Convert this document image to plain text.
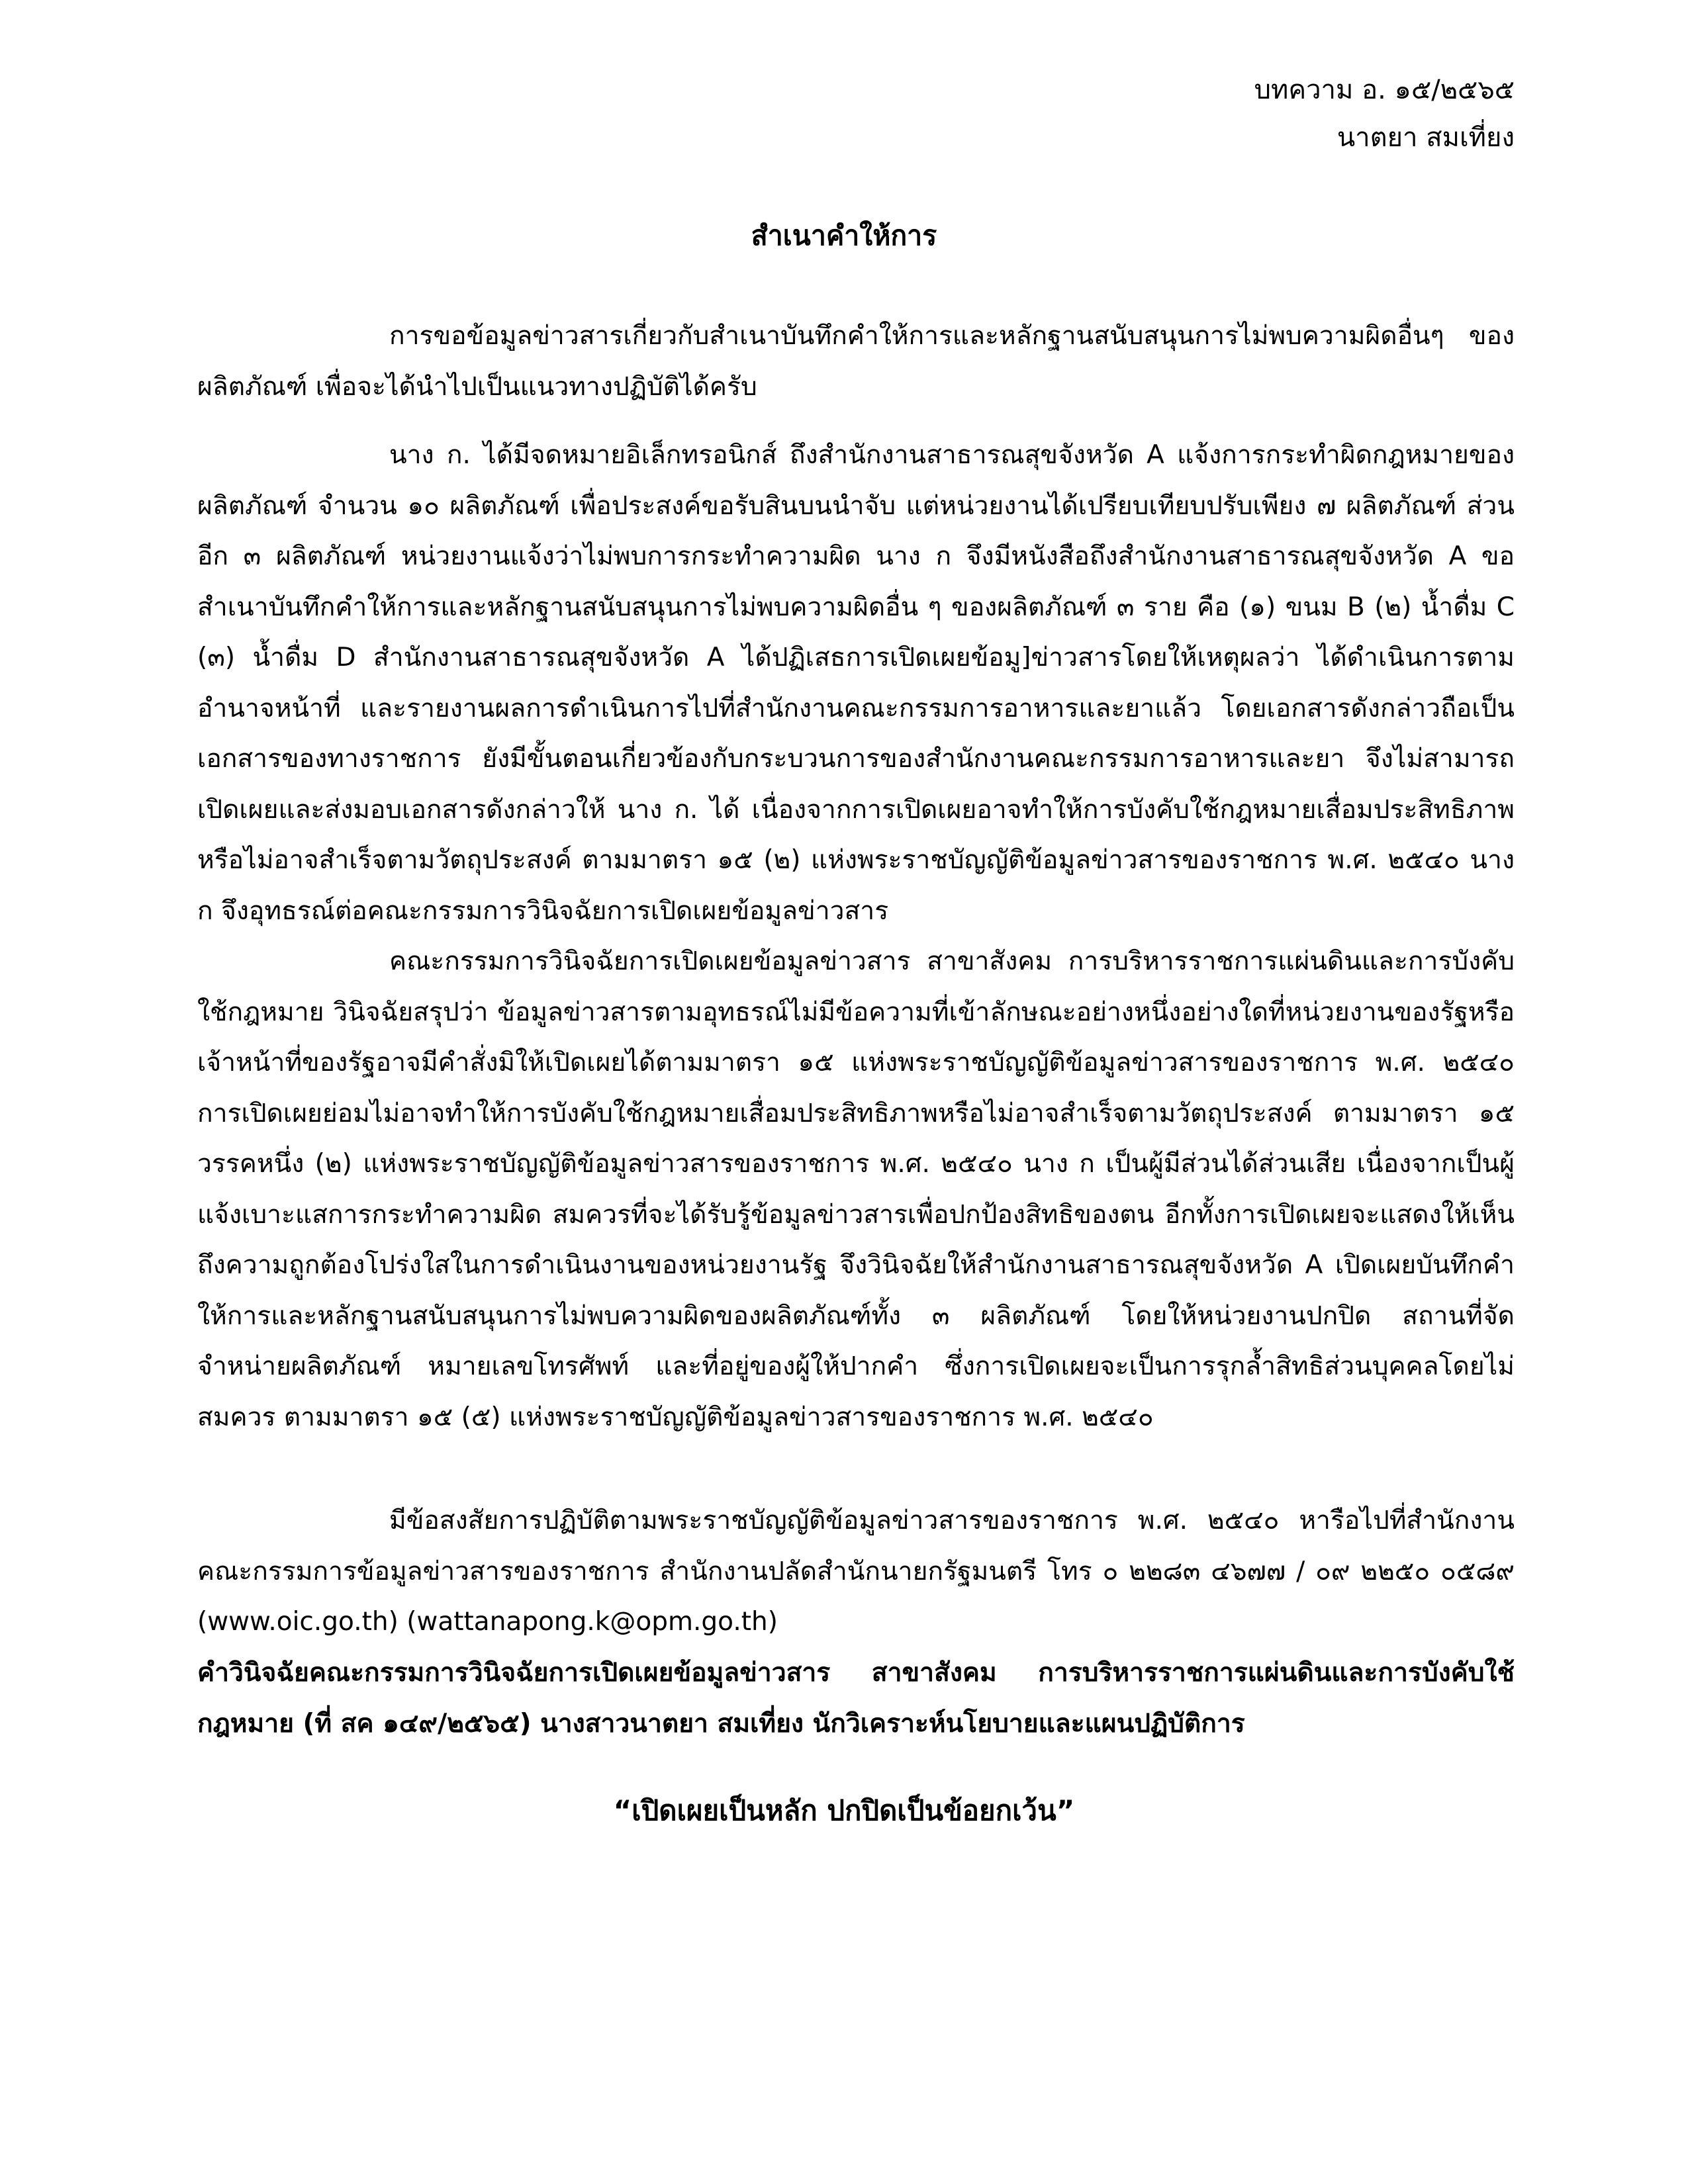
บทความ อ. ๑๕/๒๕๖๕
นาตยา สมเที่ยง
สำเนาคำให้การ

การขอข้อมูลข่าวสารเกี่ยวกับสำเนาบันทึกคำให้การและหลักฐานสนับสนุนการไม่พบความผิดอื่นๆ ของผลิตภัณฑ์ เพื่อจะได้นำไปเป็นแนวทางปฏิบัติได้ครับ

นาง ก. ได้มีจดหมายอิเล็กทรอนิกส์ ถึงสำนักงานสาธารณสุขจังหวัด A แจ้งการกระทำผิดกฎหมายของผลิตภัณฑ์ จำนวน ๑๐ ผลิตภัณฑ์ เพื่อประสงค์ขอรับสินบนนำจับ แต่หน่วยงานได้เปรียบเทียบปรับเพียง ๗ ผลิตภัณฑ์ ส่วนอีก ๓ ผลิตภัณฑ์ หน่วยงานแจ้งว่าไม่พบการกระทำความผิด นาง ก จึงมีหนังสือถึงสำนักงานสาธารณสุขจังหวัด A ขอสำเนาบันทึกคำให้การและหลักฐานสนับสนุนการไม่พบความผิดอื่น ๆ ของผลิตภัณฑ์ ๓ ราย คือ (๑) ขนม B (๒) น้ำดื่ม C (๓) น้ำดื่ม D สำนักงานสาธารณสุขจังหวัด A ได้ปฏิเสธการเปิดเผยข้อมู]ข่าวสารโดยให้เหตุผลว่า ได้ดำเนินการตามอำนาจหน้าที่ และรายงานผลการดำเนินการไปที่สำนักงานคณะกรรมการอาหารและยาแล้ว โดยเอกสารดังกล่าวถือเป็นเอกสารของทางราชการ ยังมีขั้นตอนเกี่ยวข้องกับกระบวนการของสำนักงานคณะกรรมการอาหารและยา จึงไม่สามารถเปิดเผยและส่งมอบเอกสารดังกล่าวให้ นาง ก. ได้ เนื่องจากการเปิดเผยอาจทำให้การบังคับใช้กฎหมายเสื่อมประสิทธิภาพหรือไม่อาจสำเร็จตามวัตถุประสงค์ ตามมาตรา ๑๕ (๒) แห่งพระราชบัญญัติข้อมูลข่าวสารของราชการ พ.ศ. ๒๕๔๐ นาง ก จึงอุทธรณ์ต่อคณะกรรมการวินิจฉัยการเปิดเผยข้อมูลข่าวสาร

คณะกรรมการวินิจฉัยการเปิดเผยข้อมูลข่าวสาร สาขาสังคม การบริหารราชการแผ่นดินและการบังคับใช้กฎหมาย วินิจฉัยสรุปว่า ข้อมูลข่าวสารตามอุทธรณ์ไม่มีข้อความที่เข้าลักษณะอย่างหนึ่งอย่างใดที่หน่วยงานของรัฐหรือเจ้าหน้าที่ของรัฐอาจมีคำสั่งมิให้เปิดเผยได้ตามมาตรา ๑๕ แห่งพระราชบัญญัติข้อมูลข่าวสารของราชการ พ.ศ. ๒๕๔๐ การเปิดเผยย่อมไม่อาจทำให้การบังคับใช้กฎหมายเสื่อมประสิทธิภาพหรือไม่อาจสำเร็จตามวัตถุประสงค์ ตามมาตรา ๑๕ วรรคหนึ่ง (๒) แห่งพระราชบัญญัติข้อมูลข่าวสารของราชการ พ.ศ. ๒๕๔๐ นาง ก เป็นผู้มีส่วนได้ส่วนเสีย เนื่องจากเป็นผู้แจ้งเบาะแสการกระทำความผิด สมควรที่จะได้รับรู้ข้อมูลข่าวสารเพื่อปกป้องสิทธิของตน อีกทั้งการเปิดเผยจะแสดงให้เห็นถึงความถูกต้องโปร่งใสในการดำเนินงานของหน่วยงานรัฐ จึงวินิจฉัยให้สำนักงานสาธารณสุขจังหวัด A เปิดเผยบันทึกคำให้การและหลักฐานสนับสนุนการไม่พบความผิดของผลิตภัณฑ์ทั้ง ๓ ผลิตภัณฑ์ โดยให้หน่วยงานปกปิด สถานที่จัดจำหน่ายผลิตภัณฑ์ หมายเลขโทรศัพท์ และที่อยู่ของผู้ให้ปากคำ ซึ่งการเปิดเผยจะเป็นการรุกล้ำสิทธิส่วนบุคคลโดยไม่สมควร ตามมาตรา ๑๕ (๕) แห่งพระราชบัญญัติข้อมูลข่าวสารของราชการ พ.ศ. ๒๕๔๐

มีข้อสงสัยการปฏิบัติตามพระราชบัญญัติข้อมูลข่าวสารของราชการ พ.ศ. ๒๕๔๐ หารือไปที่สำนักงานคณะกรรมการข้อมูลข่าวสารของราชการ สำนักงานปลัดสำนักนายกรัฐมนตรี โทร ๐ ๒๒๘๓ ๔๖๗๗ / ๐๙ ๒๒๕๐ ๐๕๘๙ (www.oic.go.th) (wattanapong.k@opm.go.th)

คำวินิจฉัยคณะกรรมการวินิจฉัยการเปิดเผยข้อมูลข่าวสาร สาขาสังคม การบริหารราชการแผ่นดินและการบังคับใช้กฎหมาย (ที่ สค ๑๔๙/๒๕๖๕) นางสาวนาตยา สมเที่ยง นักวิเคราะห์นโยบายและแผนปฏิบัติการ

“เปิดเผยเป็นหลัก ปกปิดเป็นข้อยกเว้น”
